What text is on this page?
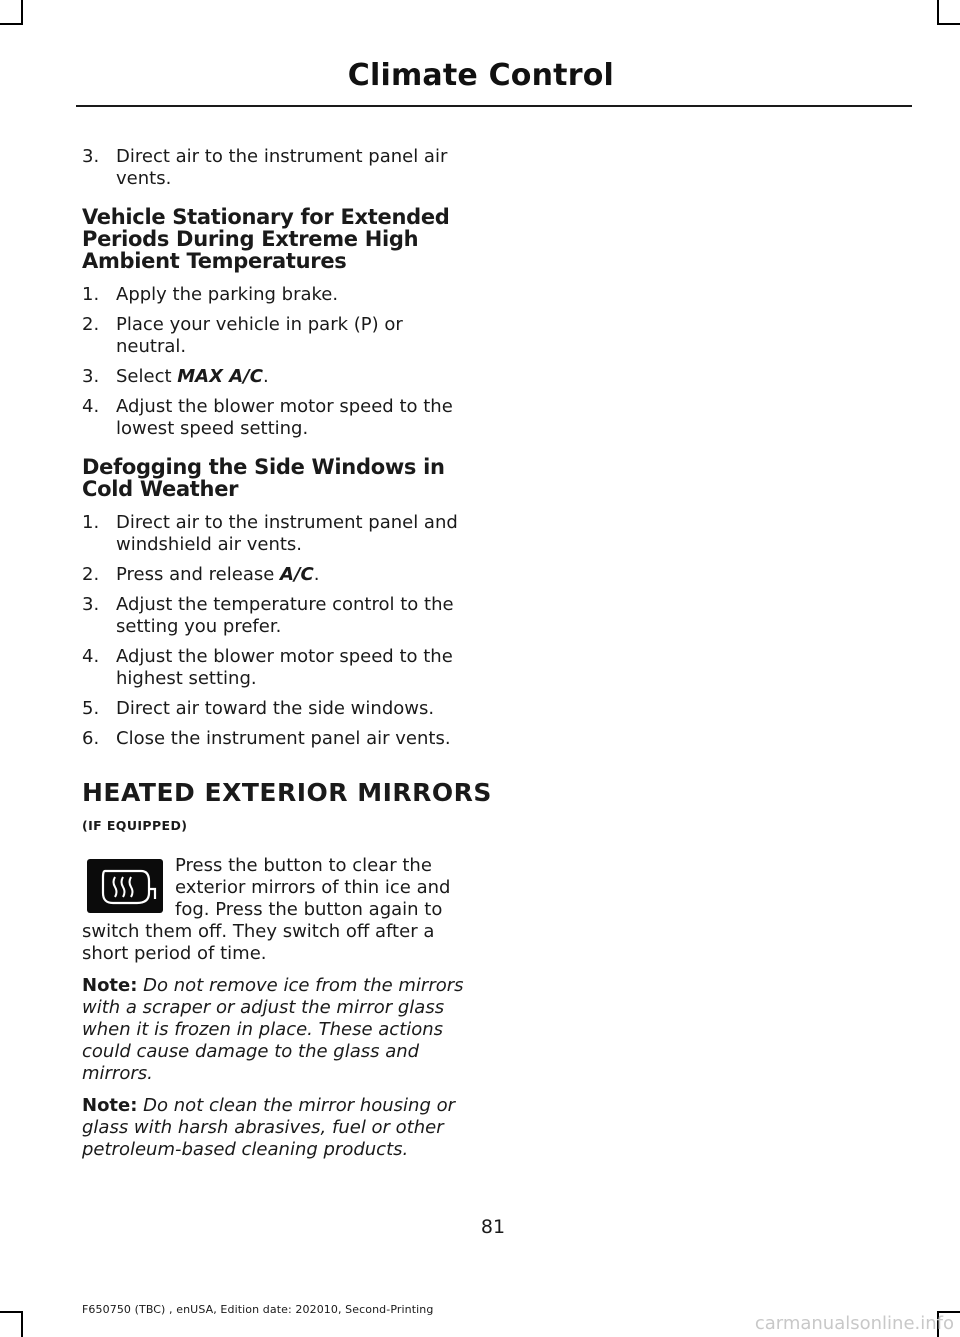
Climate Control
3. Direct air to the instrument panel air vents.
Vehicle Stationary for Extended Periods During Extreme High Ambient Temperatures
1. Apply the parking brake.
2. Place your vehicle in park (P) or neutral.
3. Select MAX A/C.
4. Adjust the blower motor speed to the lowest speed setting.
Defogging the Side Windows in Cold Weather
1. Direct air to the instrument panel and windshield air vents.
2. Press and release A/C.
3. Adjust the temperature control to the setting you prefer.
4. Adjust the blower motor speed to the highest setting.
5. Direct air toward the side windows.
6. Close the instrument panel air vents.
HEATED EXTERIOR MIRRORS
(IF EQUIPPED)
Press the button to clear the exterior mirrors of thin ice and fog. Press the button again to switch them off. They switch off after a short period of time.
Note: Do not remove ice from the mirrors with a scraper or adjust the mirror glass when it is frozen in place. These actions could cause damage to the glass and mirrors.
Note: Do not clean the mirror housing or glass with harsh abrasives, fuel or other petroleum-based cleaning products.
81
F650750 (TBC) , enUSA, Edition date: 202010, Second-Printing
carmanualsonline.info
